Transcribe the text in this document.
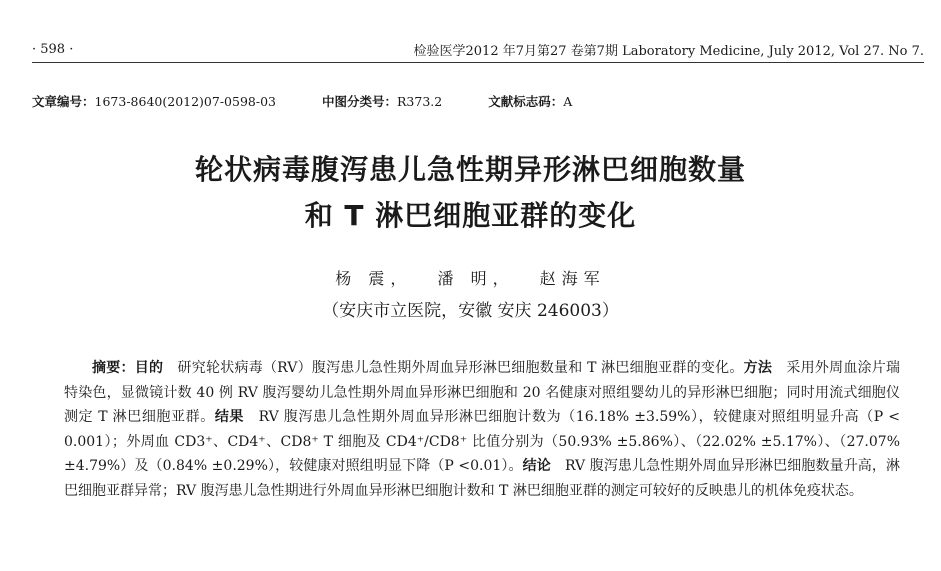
· 598 ·	检验医学2012 年7月第27 卷第7期 Laboratory Medicine, July 2012, Vol 27. No 7.
文章编号：1673-8640(2012)07-0598-03	中图分类号：R373.2	文献标志码：A
轮状病毒腹泻患儿急性期异形淋巴细胞数量
和 T 淋巴细胞亚群的变化
杨 震， 潘 明， 赵海军
（安庆市立医院，安徽 安庆 246003）

摘要：目的　 研究轮状病毒（RV）腹泻患儿急性期外周血异形淋巴细胞数量和 T 淋巴细胞亚群的变化。方法　 采用外周血涂片瑞特染色，显微镜计数 40 例 RV 腹泻婴幼儿急性期外周血异形淋巴细胞和 20 名健康对照组婴幼儿的异形淋巴细胞；同时用流式细胞仪测定 T 淋巴细胞亚群。结果　 RV 腹泻患儿急性期外周血异形淋巴细胞计数为（16.18% ±3.59%），较健康对照组明显升高（P < 0.001）；外周血 CD3⁺、CD4⁺、CD8⁺ T 细胞及 CD4⁺/CD8⁺ 比值分别为（50.93% ±5.86%）、（22.02% ±5.17%）、（27.07% ±4.79%）及（0.84% ±0.29%），较健康对照组明显下降（P <0.01）。结论　 RV 腹泻患儿急性期外周血异形淋巴细胞数量升高，淋巴细胞亚群异常；RV 腹泻患儿急性期进行外周血异形淋巴细胞计数和 T 淋巴细胞亚群的测定可较好的反映患儿的机体免疫状态。
